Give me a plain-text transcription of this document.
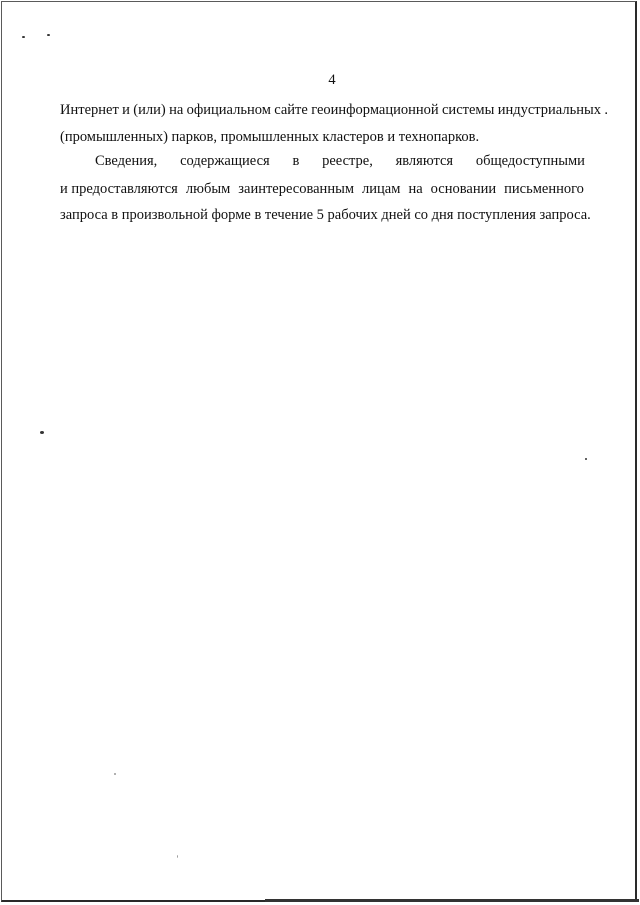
4
Интернет и (или) на официальном сайте геоинформационной системы индустриальных .
(промышленных) парков, промышленных кластеров и технопарков.
Сведения, содержащиеся в реестре, являются общедоступными
и предоставляются любым заинтересованным лицам на основании письменного
запроса в произвольной форме в течение 5 рабочих дней со дня поступления запроса.
